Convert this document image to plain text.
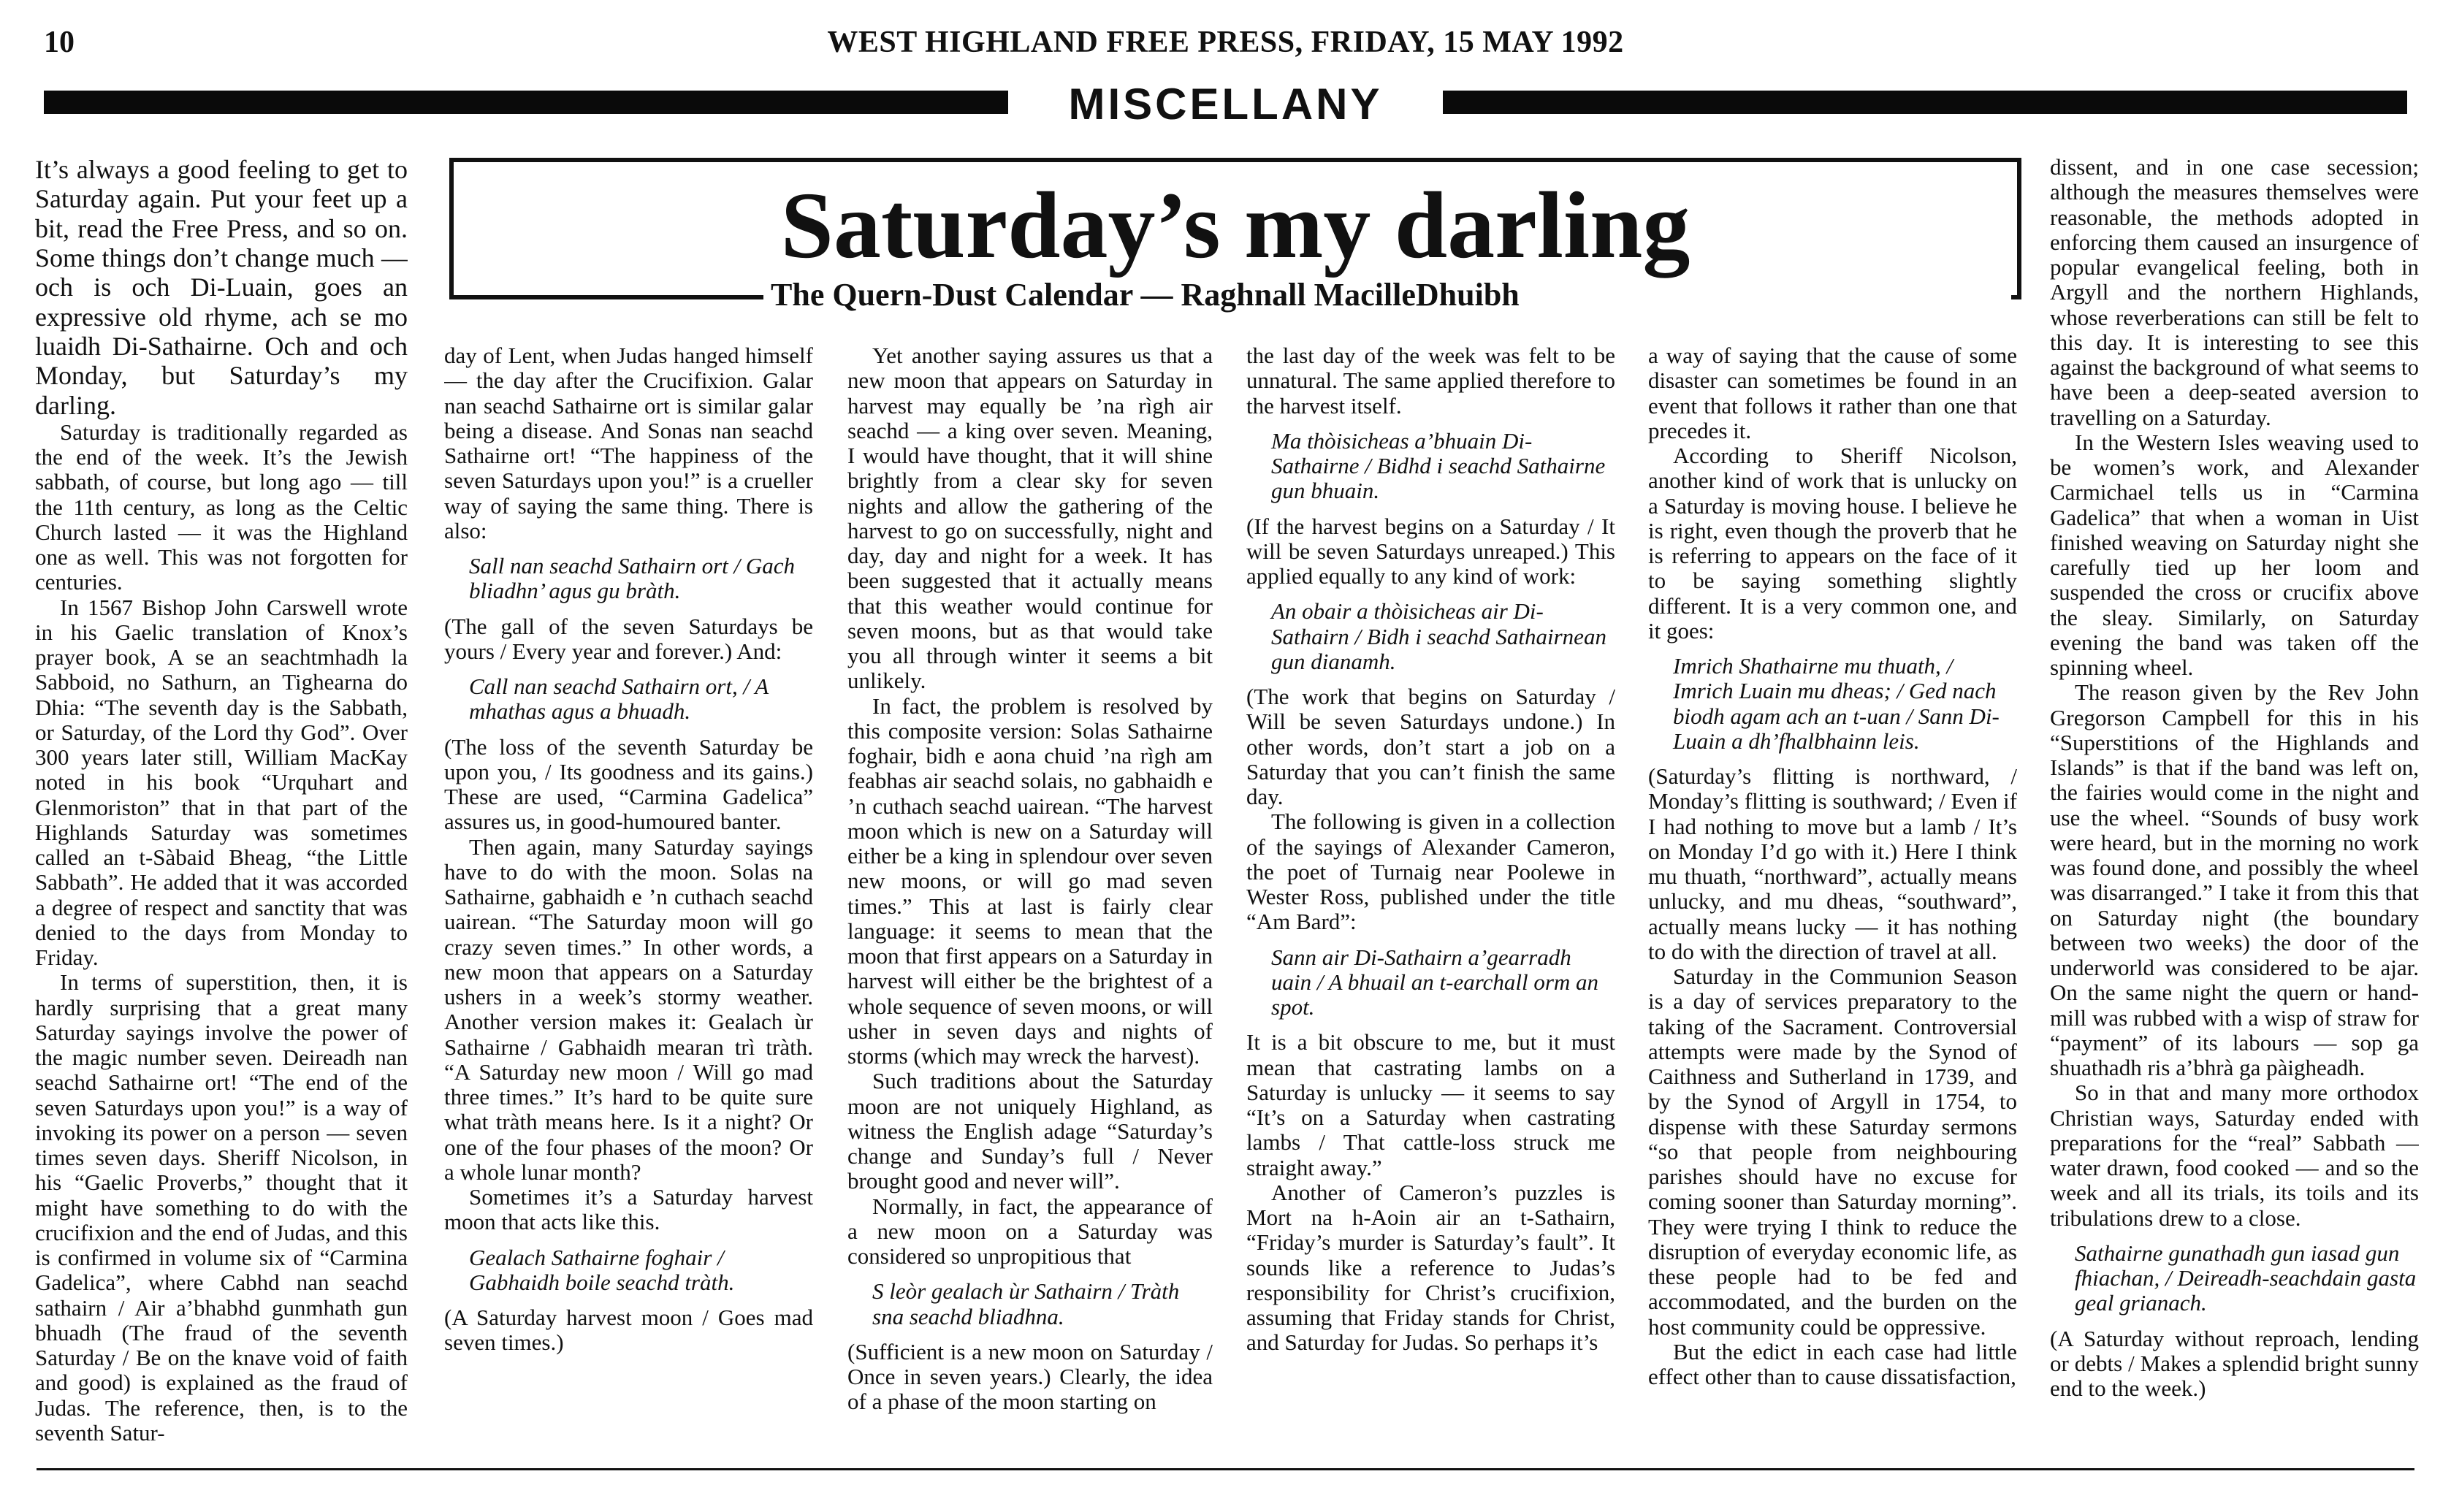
10	WEST HIGHLAND FREE PRESS, FRIDAY, 15 MAY 1992
MISCELLANY
Saturday’s my darling
The Quern-Dust Calendar — Raghnall MacilleDhuibh

It’s always a good feeling to get to Saturday again. Put your feet up a bit, read the Free Press, and so on. Some things don’t change much — och is och Di-Luain, goes an expressive old rhyme, ach se mo luaidh Di-Sathairne. Och and och Monday, but Saturday’s my darling.

Saturday is traditionally regarded as the end of the week. It’s the Jewish sabbath, of course, but long ago — till the 11th century, as long as the Celtic Church lasted — it was the Highland one as well. This was not forgotten for centuries.

In 1567 Bishop John Carswell wrote in his Gaelic translation of Knox’s prayer book, A se an seachtmhadh la Sabboid, no Sathurn, an Tighearna do Dhia: “The seventh day is the Sabbath, or Saturday, of the Lord thy God”. Over 300 years later still, William MacKay noted in his book “Urquhart and Glenmoriston” that in that part of the Highlands Saturday was sometimes called an t-Sàbaid Bheag, “the Little Sabbath”. He added that it was accorded a degree of respect and sanctity that was denied to the days from Monday to Friday.

In terms of superstition, then, it is hardly surprising that a great many Saturday sayings involve the power of the magic number seven. Deireadh nan seachd Sathairne ort! “The end of the seven Saturdays upon you!” is a way of invoking its power on a person — seven times seven days. Sheriff Nicolson, in his “Gaelic Proverbs,” thought that it might have something to do with the crucifixion and the end of Judas, and this is confirmed in volume six of “Carmina Gadelica”, where Cabhd nan seachd sathairn / Air a’bhabhd gunmhath gun bhuadh (The fraud of the seventh Saturday / Be on the knave void of faith and good) is explained as the fraud of Judas. The reference, then, is to the seventh Satur-

day of Lent, when Judas hanged himself — the day after the Crucifixion. Galar nan seachd Sathairne ort is similar galar being a disease. And Sonas nan seachd Sathairne ort! “The happiness of the seven Saturdays upon you!” is a crueller way of saying the same thing. There is also:

Sall nan seachd Sathairn ort / Gach bliadhn’ agus gu bràth.

(The gall of the seven Saturdays be yours / Every year and forever.) And:

Call nan seachd Sathairn ort, / A mhathas agus a bhuadh.

(The loss of the seventh Saturday be upon you, / Its goodness and its gains.) These are used, “Carmina Gadelica” assures us, in good-humoured banter.

Then again, many Saturday sayings have to do with the moon. Solas na Sathairne, gabhaidh e ’n cuthach seachd uairean. “The Saturday moon will go crazy seven times.” In other words, a new moon that appears on a Saturday ushers in a week’s stormy weather. Another version makes it: Gealach ùr Sathairne / Gabhaidh mearan trì tràth. “A Saturday new moon / Will go mad three times.” It’s hard to be quite sure what tràth means here. Is it a night? Or one of the four phases of the moon? Or a whole lunar month?

Sometimes it’s a Saturday harvest moon that acts like this.

Gealach Sathairne foghair / Gabhaidh boile seachd tràth.

(A Saturday harvest moon / Goes mad seven times.)

Yet another saying assures us that a new moon that appears on Saturday in harvest may equally be ’na rìgh air seachd — a king over seven. Meaning, I would have thought, that it will shine brightly from a clear sky for seven nights and allow the gathering of the harvest to go on successfully, night and day, day and night for a week. It has been suggested that it actually means that this weather would continue for seven moons, but as that would take you all through winter it seems a bit unlikely.

In fact, the problem is resolved by this composite version: Solas Sathairne foghair, bidh e aona chuid ’na rìgh am feabhas air seachd solais, no gabhaidh e ’n cuthach seachd uairean. “The harvest moon which is new on a Saturday will either be a king in splendour over seven new moons, or will go mad seven times.” This at last is fairly clear language: it seems to mean that the moon that first appears on a Saturday in harvest will either be the brightest of a whole sequence of seven moons, or will usher in seven days and nights of storms (which may wreck the harvest).

Such traditions about the Saturday moon are not uniquely Highland, as witness the English adage “Saturday’s change and Sunday’s full / Never brought good and never will”.

Normally, in fact, the appearance of a new moon on a Saturday was considered so unpropitious that

S leòr gealach ùr Sathairn / Tràth sna seachd bliadhna.

(Sufficient is a new moon on Saturday / Once in seven years.) Clearly, the idea of a phase of the moon starting on

the last day of the week was felt to be unnatural. The same applied therefore to the harvest itself.

Ma thòisicheas a’bhuain Di-Sathairne / Bidhd i seachd Sathairne gun bhuain.

(If the harvest begins on a Saturday / It will be seven Saturdays unreaped.) This applied equally to any kind of work:

An obair a thòisicheas air Di-Sathairn / Bidh i seachd Sathairnean gun dianamh.

(The work that begins on Saturday / Will be seven Saturdays undone.) In other words, don’t start a job on a Saturday that you can’t finish the same day.

The following is given in a collection of the sayings of Alexander Cameron, the poet of Turnaig near Poolewe in Wester Ross, published under the title “Am Bard”:

Sann air Di-Sathairn a’gearradh uain / A bhuail an t-earchall orm an spot.

It is a bit obscure to me, but it must mean that castrating lambs on a Saturday is unlucky — it seems to say “It’s on a Saturday when castrating lambs / That cattle-loss struck me straight away.”

Another of Cameron’s puzzles is Mort na h-Aoin air an t-Sathairn, “Friday’s murder is Saturday’s fault”. It sounds like a reference to Judas’s responsibility for Christ’s crucifixion, assuming that Friday stands for Christ, and Saturday for Judas. So perhaps it’s

a way of saying that the cause of some disaster can sometimes be found in an event that follows it rather than one that precedes it.

According to Sheriff Nicolson, another kind of work that is unlucky on a Saturday is moving house. I believe he is right, even though the proverb that he is referring to appears on the face of it to be saying something slightly different. It is a very common one, and it goes:

Imrich Shathairne mu thuath, / Imrich Luain mu dheas; / Ged nach biodh agam ach an t-uan / Sann Di-Luain a dh’fhalbhainn leis.

(Saturday’s flitting is northward, / Monday’s flitting is southward; / Even if I had nothing to move but a lamb / It’s on Monday I’d go with it.) Here I think mu thuath, “northward”, actually means unlucky, and mu dheas, “southward”, actually means lucky — it has nothing to do with the direction of travel at all.

Saturday in the Communion Season is a day of services preparatory to the taking of the Sacrament. Controversial attempts were made by the Synod of Caithness and Sutherland in 1739, and by the Synod of Argyll in 1754, to dispense with these Saturday sermons “so that people from neighbouring parishes should have no excuse for coming sooner than Saturday morning”. They were trying I think to reduce the disruption of everyday economic life, as these people had to be fed and accommodated, and the burden on the host community could be oppressive.

But the edict in each case had little effect other than to cause dissatisfaction,

dissent, and in one case secession; although the measures themselves were reasonable, the methods adopted in enforcing them caused an insurgence of popular evangelical feeling, both in Argyll and the northern Highlands, whose reverberations can still be felt to this day. It is interesting to see this against the background of what seems to have been a deep-seated aversion to travelling on a Saturday.

In the Western Isles weaving used to be women’s work, and Alexander Carmichael tells us in “Carmina Gadelica” that when a woman in Uist finished weaving on Saturday night she carefully tied up her loom and suspended the cross or crucifix above the sleay. Similarly, on Saturday evening the band was taken off the spinning wheel.

The reason given by the Rev John Gregorson Campbell for this in his “Superstitions of the Highlands and Islands” is that if the band was left on, the fairies would come in the night and use the wheel. “Sounds of busy work were heard, but in the morning no work was found done, and possibly the wheel was disarranged.” I take it from this that on Saturday night (the boundary between two weeks) the door of the underworld was considered to be ajar. On the same night the quern or hand-mill was rubbed with a wisp of straw for “payment” of its labours — sop ga shuathadh ris a’bhrà ga pàigheadh.

So in that and many more orthodox Christian ways, Saturday ended with preparations for the “real” Sabbath — water drawn, food cooked — and so the week and all its trials, its toils and its tribulations drew to a close.

Sathairne gunathadh gun iasad gun fhiachan, / Deireadh-seachdain gasta geal grianach.

(A Saturday without reproach, lending or debts / Makes a splendid bright sunny end to the week.)
